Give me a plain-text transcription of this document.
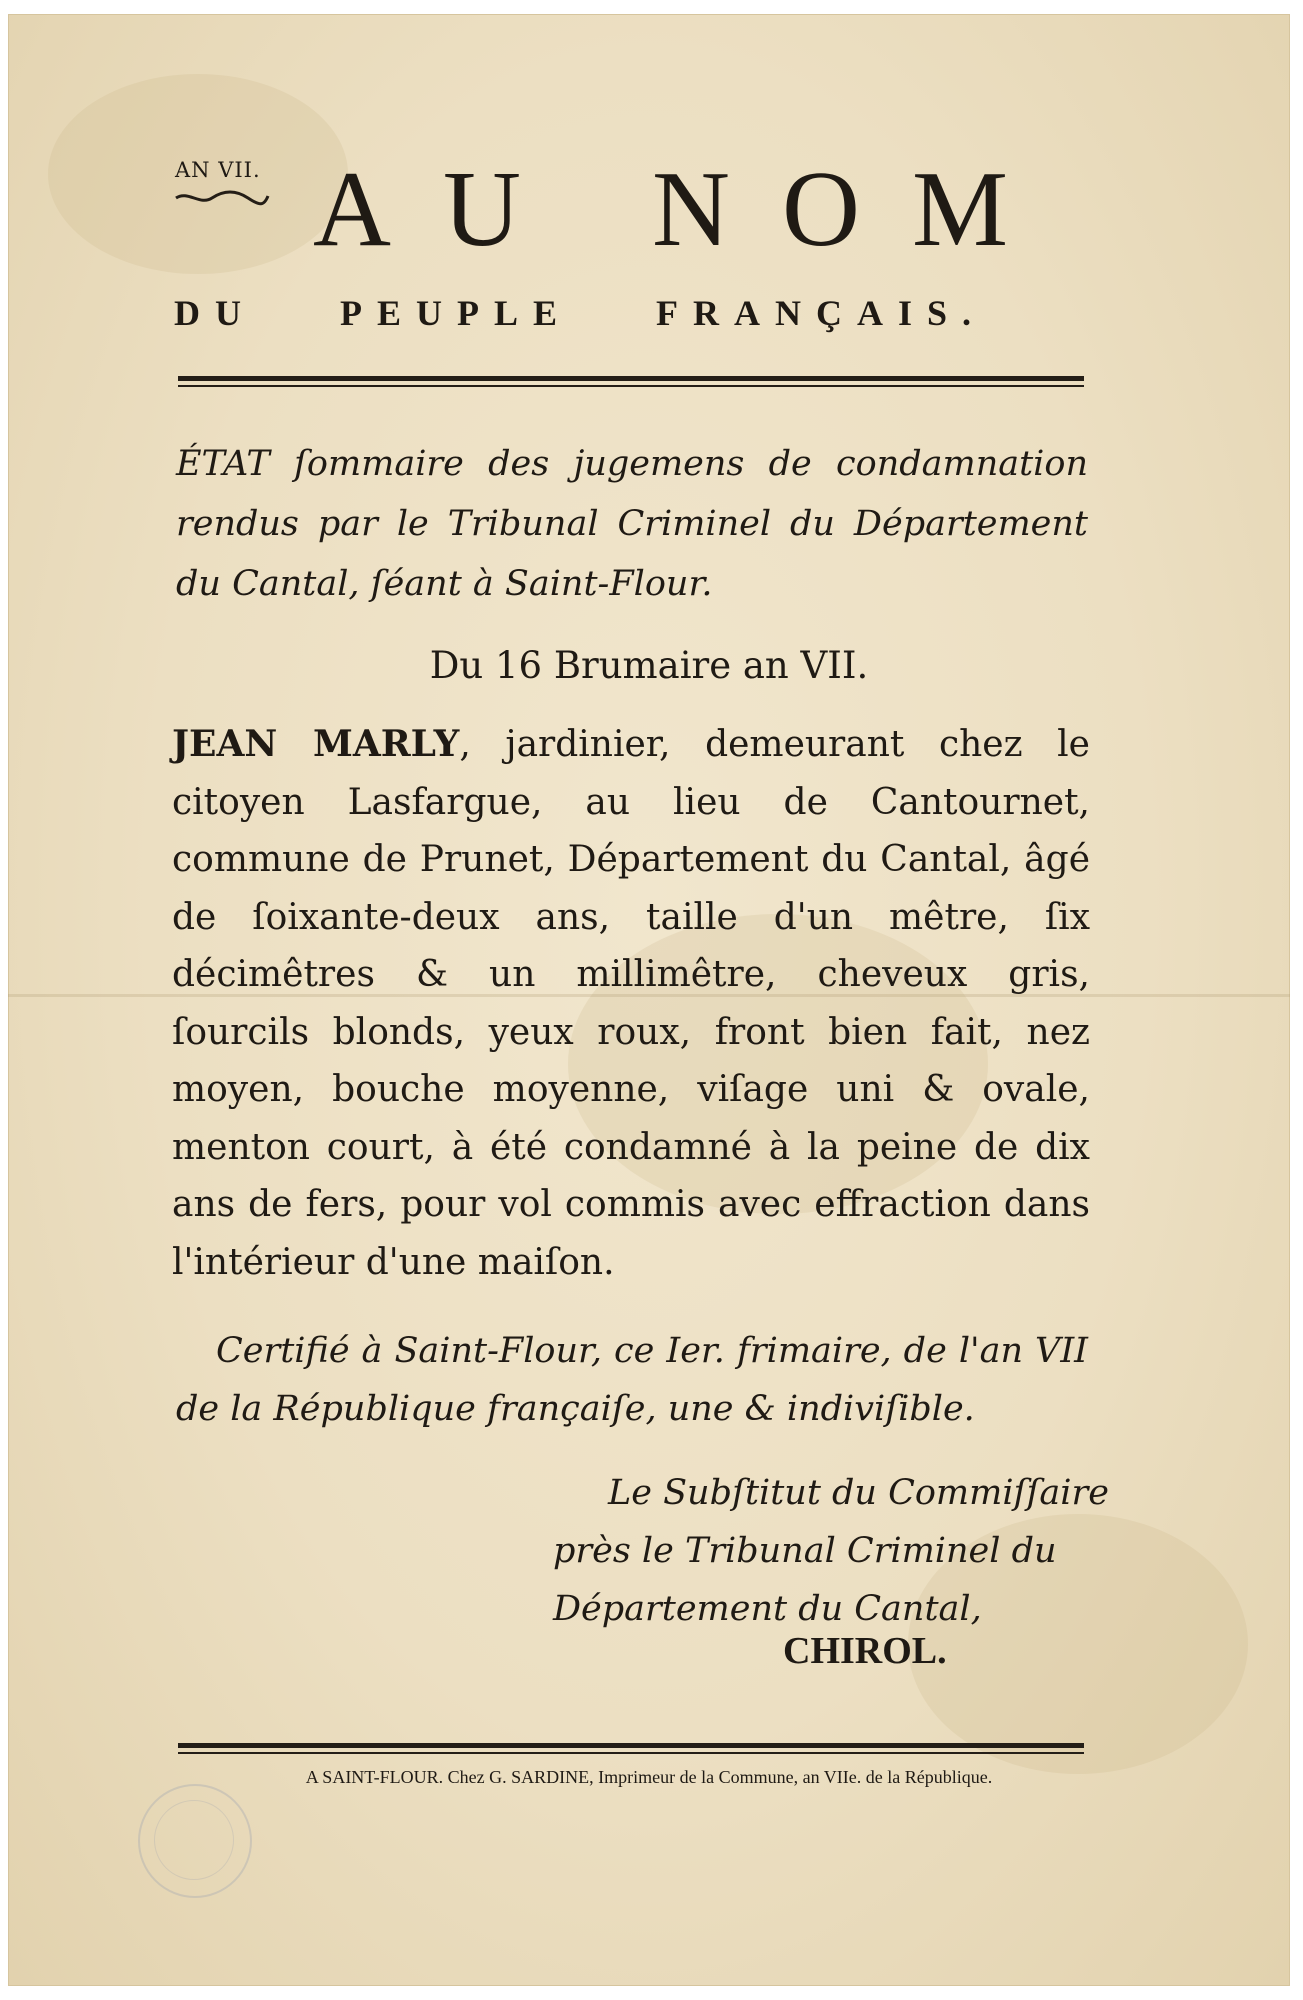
AN VII. AU NOM
DU PEUPLE FRANÇAIS.
ÉTAT ſommaire des jugemens de condamnation rendus par le Tribunal Criminel du Département du Cantal, ſéant à Saint-Flour.
Du 16 Brumaire an VII.
JEAN MARLY, jardinier, demeurant chez le citoyen Lasfargue, au lieu de Cantournet, commune de Prunet, Département du Cantal, âgé de ſoixante-deux ans, taille d'un mêtre, ſix décimêtres & un millimêtre, cheveux gris, ſourcils blonds, yeux roux, front bien fait, nez moyen, bouche moyenne, viſage uni & ovale, menton court, à été condamné à la peine de dix ans de fers, pour vol commis avec effraction dans l'intérieur d'une maiſon.
Certifié à Saint-Flour, ce Ier. frimaire, de l'an VII de la République françaiſe, une & indiviſible.
Le Subſtitut du Commiſſaire
près le Tribunal Criminel du
Département du Cantal,
CHIROL.
A SAINT-FLOUR. Chez G. SARDINE, Imprimeur de la Commune, an VIIe. de la République.
